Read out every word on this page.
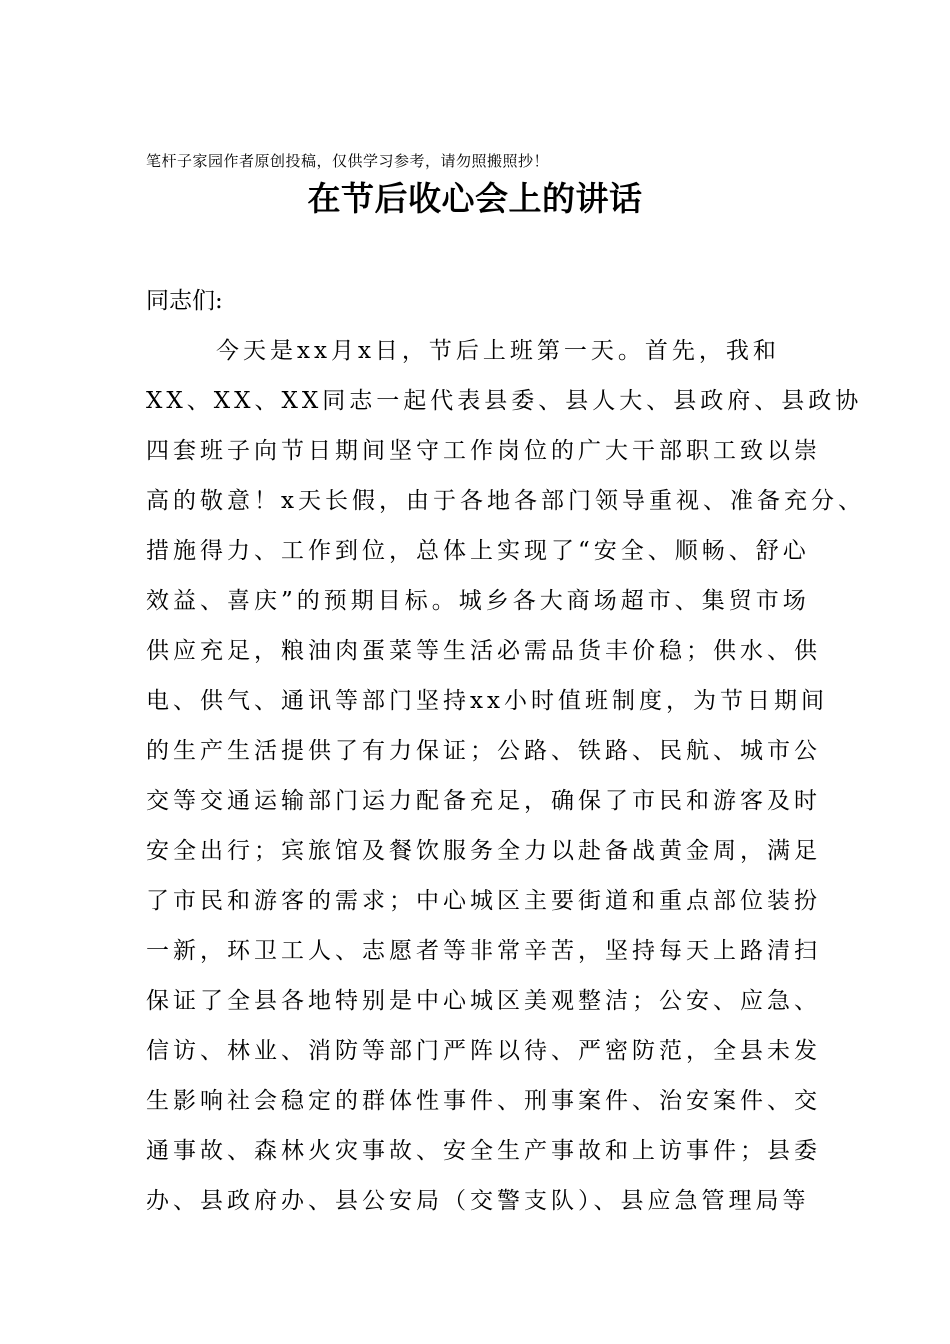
笔杆子家园作者原创投稿，仅供学习参考，请勿照搬照抄！
在节后收心会上的讲话
同志们:
今天是xx月x日，节后上班第一天。首先，我和
XX、XX、XX同志一起代表县委、县人大、县政府、县政协
四套班子向节日期间坚守工作岗位的广大干部职工致以崇
高的敬意！x天长假，由于各地各部门领导重视、准备充分、
措施得力、工作到位，总体上实现了“安全、顺畅、舒心
效益、喜庆”的预期目标。城乡各大商场超市、集贸市场
供应充足，粮油肉蛋菜等生活必需品货丰价稳；供水、供
电、供气、通讯等部门坚持xx小时值班制度，为节日期间
的生产生活提供了有力保证；公路、铁路、民航、城市公
交等交通运输部门运力配备充足，确保了市民和游客及时
安全出行；宾旅馆及餐饮服务全力以赴备战黄金周，满足
了市民和游客的需求；中心城区主要街道和重点部位装扮
一新，环卫工人、志愿者等非常辛苦，坚持每天上路清扫
保证了全县各地特别是中心城区美观整洁；公安、应急、
信访、林业、消防等部门严阵以待、严密防范，全县未发
生影响社会稳定的群体性事件、刑事案件、治安案件、交
通事故、森林火灾事故、安全生产事故和上访事件；县委
办、县政府办、县公安局（交警支队）、县应急管理局等
